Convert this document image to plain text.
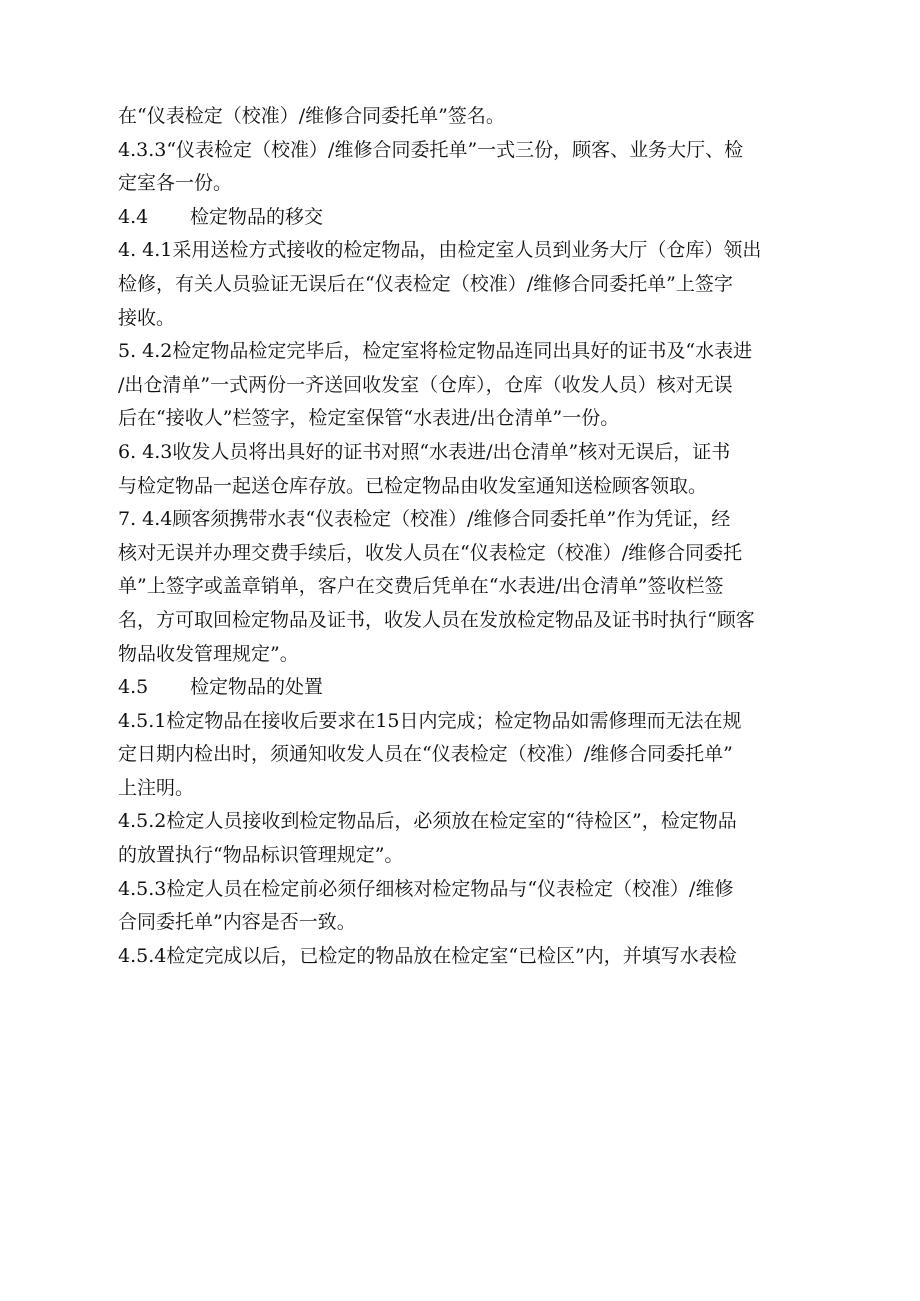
在“仪表检定（校准）/维修合同委托单”签名。
4.3.3“仪表检定（校准）/维修合同委托单”一式三份，顾客、业务大厅、检
定室各一份。
4.4 检定物品的移交
4. 4.1采用送检方式接收的检定物品，由检定室人员到业务大厅（仓库）领出
检修，有关人员验证无误后在“仪表检定（校准）/维修合同委托单”上签字
接收。
5. 4.2检定物品检定完毕后，检定室将检定物品连同出具好的证书及“水表进
/出仓清单”一式两份一齐送回收发室（仓库），仓库（收发人员）核对无误
后在“接收人”栏签字，检定室保管“水表进/出仓清单”一份。
6. 4.3收发人员将出具好的证书对照“水表进/出仓清单”核对无误后，证书
与检定物品一起送仓库存放。已检定物品由收发室通知送检顾客领取。
7. 4.4顾客须携带水表“仪表检定（校准）/维修合同委托单”作为凭证，经
核对无误并办理交费手续后，收发人员在“仪表检定（校准）/维修合同委托
单”上签字或盖章销单，客户在交费后凭单在“水表进/出仓清单”签收栏签
名，方可取回检定物品及证书，收发人员在发放检定物品及证书时执行“顾客
物品收发管理规定”。
4.5 检定物品的处置
4.5.1检定物品在接收后要求在15日内完成；检定物品如需修理而无法在规
定日期内检出时，须通知收发人员在“仪表检定（校准）/维修合同委托单”
上注明。
4.5.2检定人员接收到检定物品后，必须放在检定室的“待检区”，检定物品
的放置执行“物品标识管理规定”。
4.5.3检定人员在检定前必须仔细核对检定物品与“仪表检定（校准）/维修
合同委托单”内容是否一致。
4.5.4检定完成以后，已检定的物品放在检定室“已检区”内，并填写水表检
